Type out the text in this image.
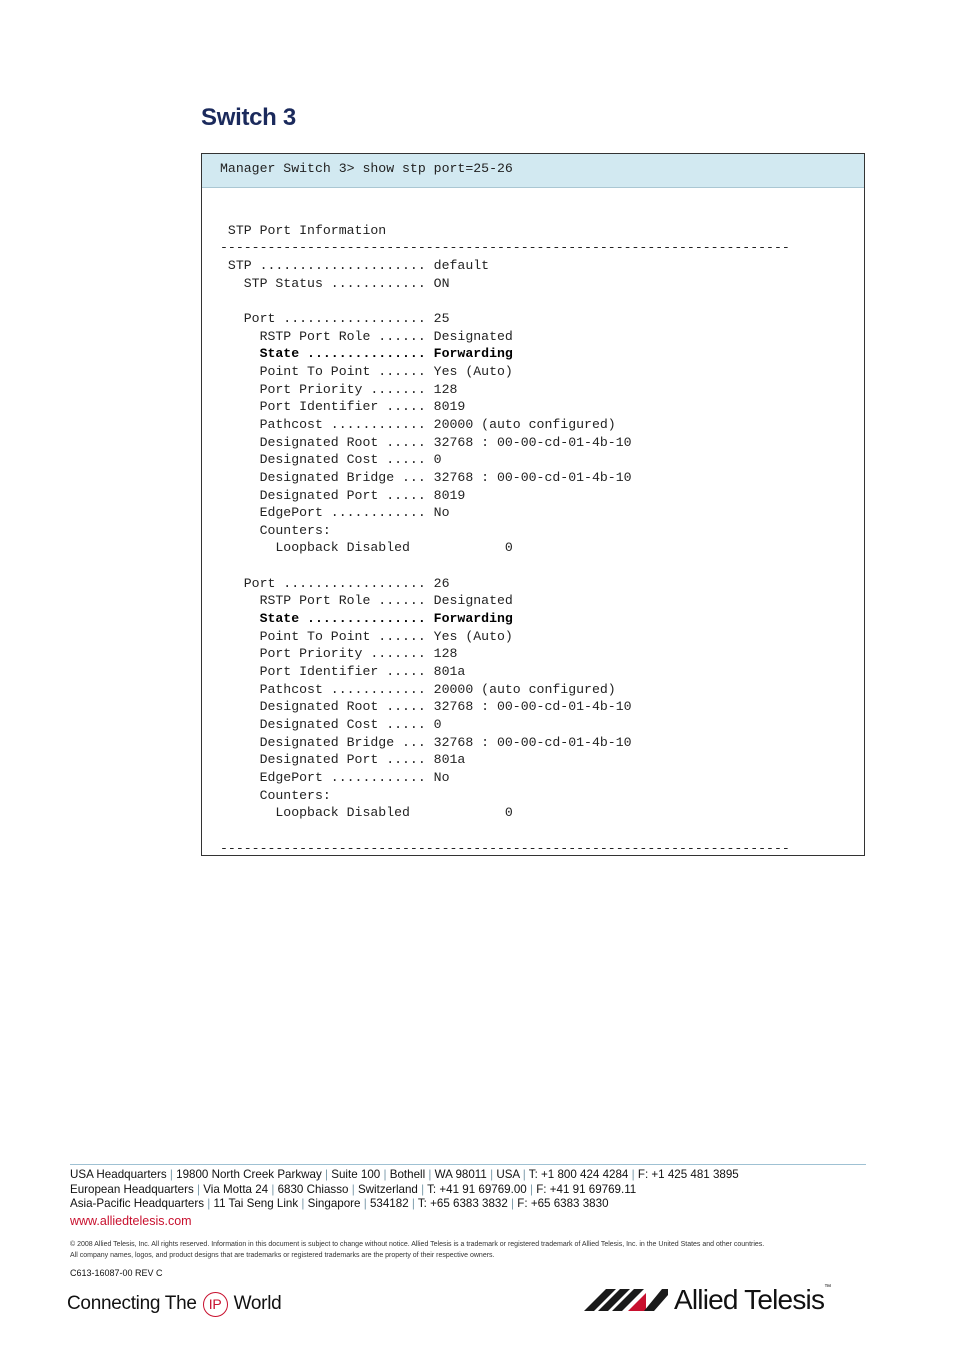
Switch 3
Manager Switch 3> show stp port=25-26

STP Port Information
------------------------------------------------------------------------
STP ..................... default
STP Status ............ ON

Port .................. 25
RSTP Port Role ...... Designated
State ............... Forwarding
Point To Point ...... Yes (Auto)
Port Priority ....... 128
Port Identifier ..... 8019
Pathcost ............ 20000 (auto configured)
Designated Root ..... 32768 : 00-00-cd-01-4b-10
Designated Cost ..... 0
Designated Bridge ... 32768 : 00-00-cd-01-4b-10
Designated Port ..... 8019
EdgePort ............ No
Counters:
Loopback Disabled            0

Port .................. 26
RSTP Port Role ...... Designated
State ............... Forwarding
Point To Point ...... Yes (Auto)
Port Priority ....... 128
Port Identifier ..... 801a
Pathcost ............ 20000 (auto configured)
Designated Root ..... 32768 : 00-00-cd-01-4b-10
Designated Cost ..... 0
Designated Bridge ... 32768 : 00-00-cd-01-4b-10
Designated Port ..... 801a
EdgePort ............ No
Counters:
Loopback Disabled            0

------------------------------------------------------------------------

USA Headquarters | 19800 North Creek Parkway | Suite 100 | Bothell | WA 98011 | USA | T: +1 800 424 4284 | F: +1 425 481 3895
European Headquarters | Via Motta 24 | 6830 Chiasso | Switzerland | T: +41 91 69769.00 | F: +41 91 69769.11
Asia-Pacific Headquarters | 11 Tai Seng Link | Singapore | 534182 | T: +65 6383 3832 | F: +65 6383 3830
www.alliedtelesis.com
© 2008 Allied Telesis, Inc. All rights reserved. Information in this document is subject to change without notice. Allied Telesis is a trademark or registered trademark of Allied Telesis, Inc. in the United States and other countries.
All company names, logos, and product designs that are trademarks or registered trademarks are the property of their respective owners.
C613-16087-00 REV C
Connecting The IP World	Allied Telesis™
